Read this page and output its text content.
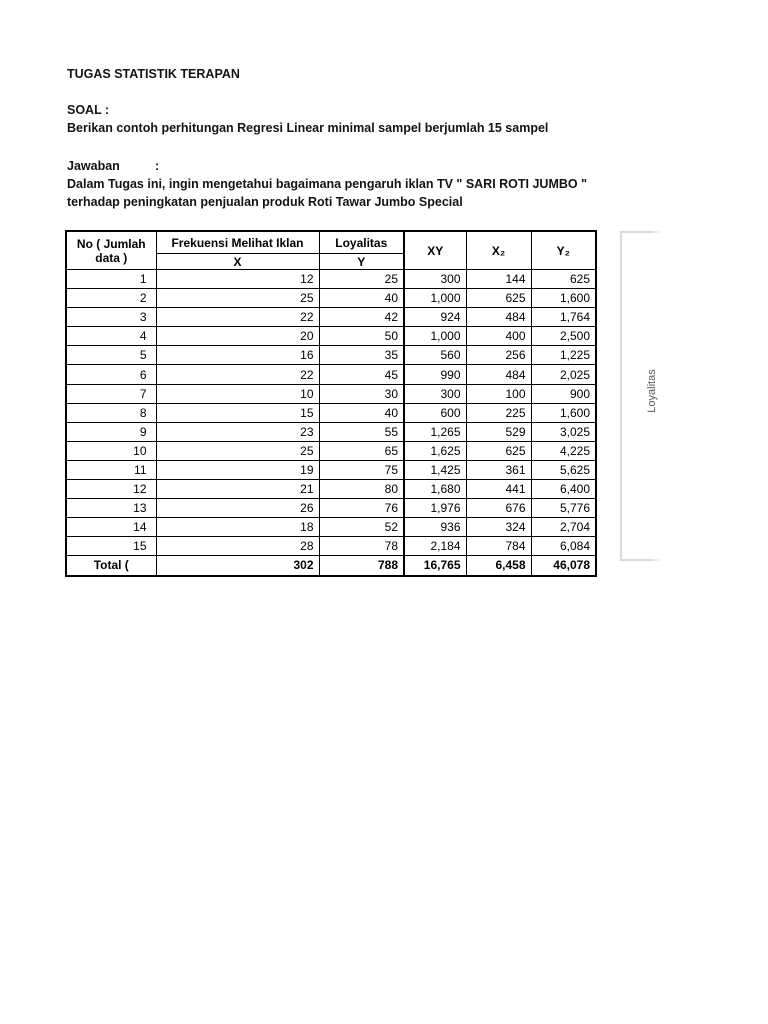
TUGAS STATISTIK TERAPAN
SOAL :
Berikan contoh perhitungan Regresi Linear minimal sampel berjumlah 15 sampel
Jawaban	:
Dalam Tugas ini, ingin mengetahui bagaimana pengaruh iklan TV " SARI ROTI JUMBO "
terhadap peningkatan penjualan produk Roti Tawar Jumbo Special
No ( Jumlah data )	Frekuensi Melihat Iklan	Loyalitas	XY	X₂	Y₂
	X	Y			
1	12	25	300	144	625
2	25	40	1,000	625	1,600
3	22	42	924	484	1,764
4	20	50	1,000	400	2,500
5	16	35	560	256	1,225
6	22	45	990	484	2,025
7	10	30	300	100	900
8	15	40	600	225	1,600
9	23	55	1,265	529	3,025
10	25	65	1,625	625	4,225
11	19	75	1,425	361	5,625
12	21	80	1,680	441	6,400
13	26	76	1,976	676	5,776
14	18	52	936	324	2,704
15	28	78	2,184	784	6,084
Total (	302	788	16,765	6,458	46,078
Loyalitas
